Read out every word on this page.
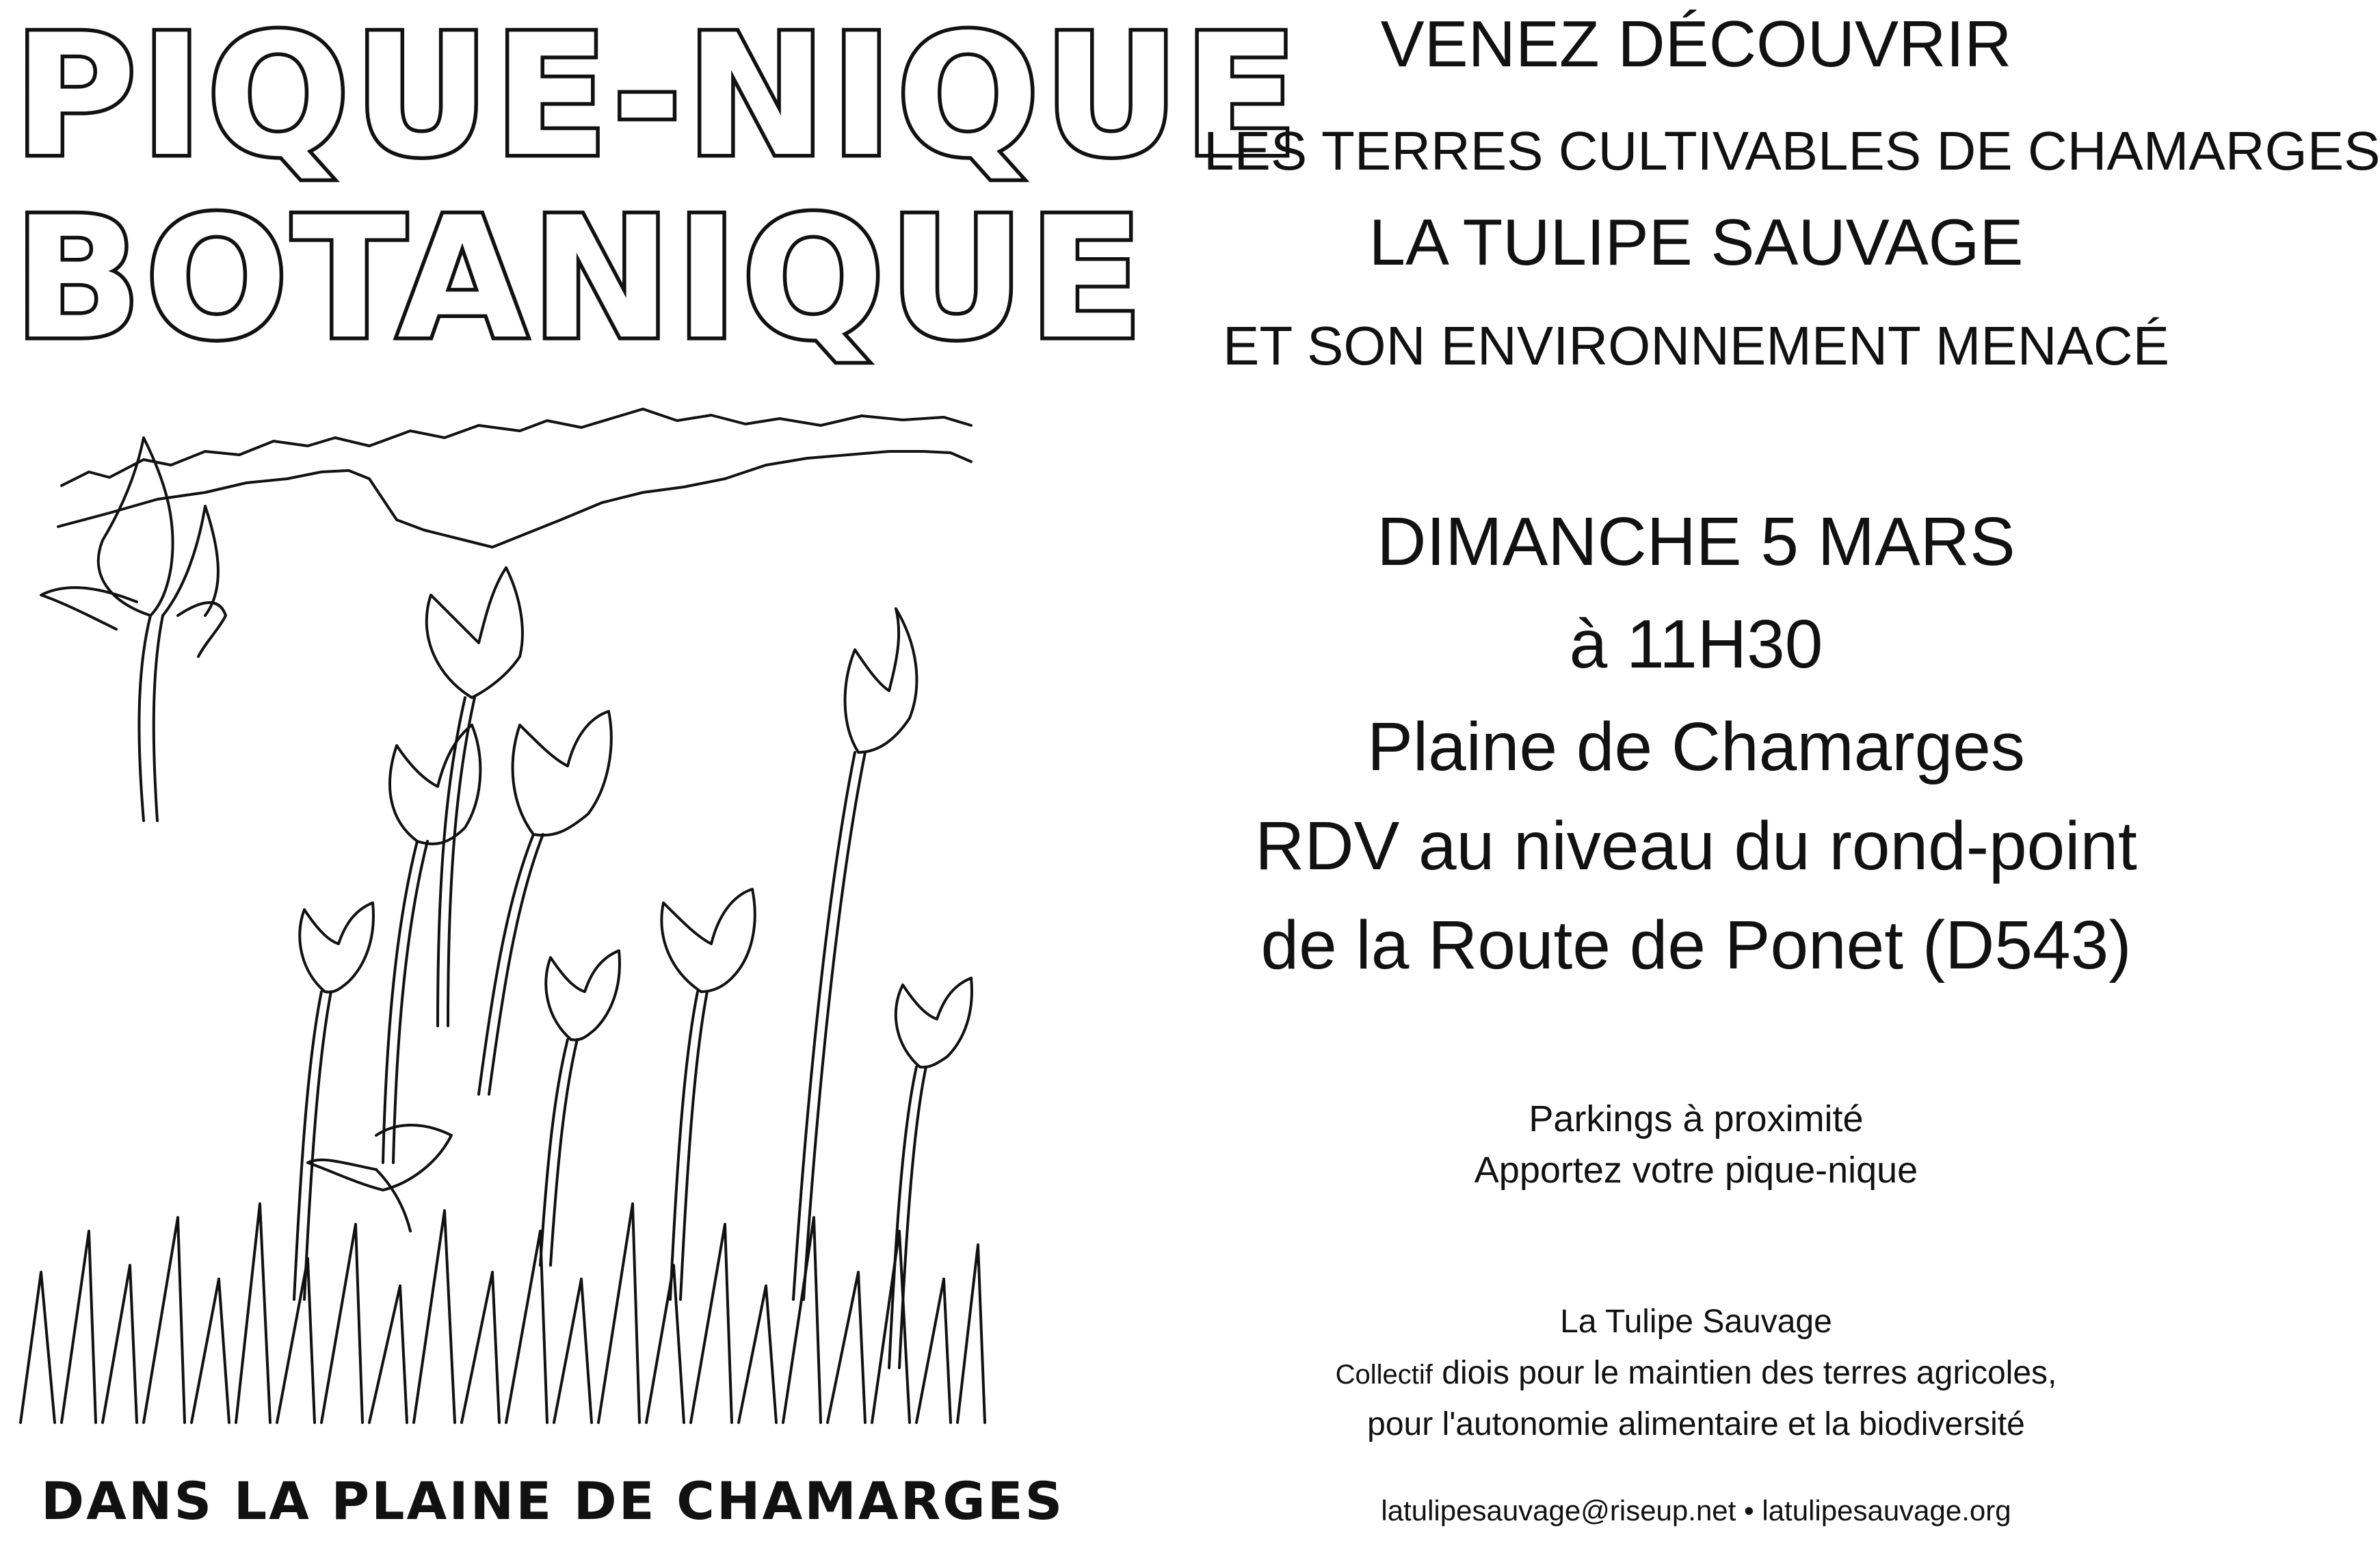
PIQUE-NIQUE
BOTANIQUE
DANS LA PLAINE DE CHAMARGES
VENEZ DÉCOUVRIR
LES TERRES CULTIVABLES DE CHAMARGES
LA TULIPE SAUVAGE
ET SON ENVIRONNEMENT MENACÉ
DIMANCHE 5 MARS
à 11H30
Plaine de Chamarges
RDV au niveau du rond-point
de la Route de Ponet (D543)
Parkings à proximité
Apportez votre pique-nique
La Tulipe Sauvage
Collectif diois pour le maintien des terres agricoles,
pour l'autonomie alimentaire et la biodiversité
latulipesauvage@riseup.net • latulipesauvage.org
